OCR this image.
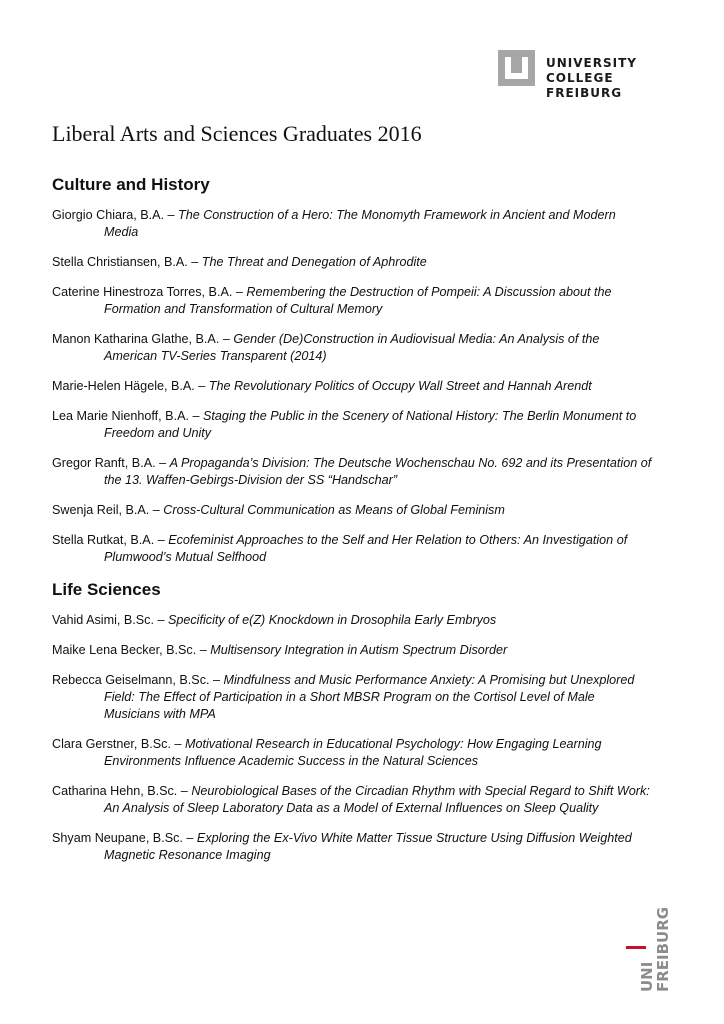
UNIVERSITY
COLLEGE
FREIBURG
Liberal Arts and Sciences Graduates 2016
Culture and History

Giorgio Chiara, B.A. – The Construction of a Hero: The Monomyth Framework in Ancient and Modern Media

Stella Christiansen, B.A. – The Threat and Denegation of Aphrodite

Caterine Hinestroza Torres, B.A. – Remembering the Destruction of Pompeii: A Discussion about the Formation and Transformation of Cultural Memory

Manon Katharina Glathe, B.A. – Gender (De)Construction in Audiovisual Media: An Analysis of the American TV-Series Transparent (2014)

Marie-Helen Hägele, B.A. – The Revolutionary Politics of Occupy Wall Street and Hannah Arendt

Lea Marie Nienhoff, B.A. – Staging the Public in the Scenery of National History: The Berlin Monument to Freedom and Unity

Gregor Ranft, B.A. – A Propaganda’s Division: The Deutsche Wochenschau No. 692 and its Presentation of the 13. Waffen-Gebirgs-Division der SS “Handschar”

Swenja Reil, B.A. – Cross-Cultural Communication as Means of Global Feminism

Stella Rutkat, B.A. – Ecofeminist Approaches to the Self and Her Relation to Others: An Investigation of Plumwood’s Mutual Selfhood

Life Sciences

Vahid Asimi, B.Sc. – Specificity of e(Z) Knockdown in Drosophila Early Embryos

Maike Lena Becker, B.Sc. – Multisensory Integration in Autism Spectrum Disorder

Rebecca Geiselmann, B.Sc. – Mindfulness and Music Performance Anxiety: A Promising but Unexplored Field: The Effect of Participation in a Short MBSR Program on the Cortisol Level of Male Musicians with MPA

Clara Gerstner, B.Sc. – Motivational Research in Educational Psychology: How Engaging Learning Environments Influence Academic Success in the Natural Sciences

Catharina Hehn, B.Sc. – Neurobiological Bases of the Circadian Rhythm with Special Regard to Shift Work: An Analysis of Sleep Laboratory Data as a Model of External Influences on Sleep Quality

Shyam Neupane, B.Sc. – Exploring the Ex-Vivo White Matter Tissue Structure Using Diffusion Weighted Magnetic Resonance Imaging

UNI
FREIBURG
